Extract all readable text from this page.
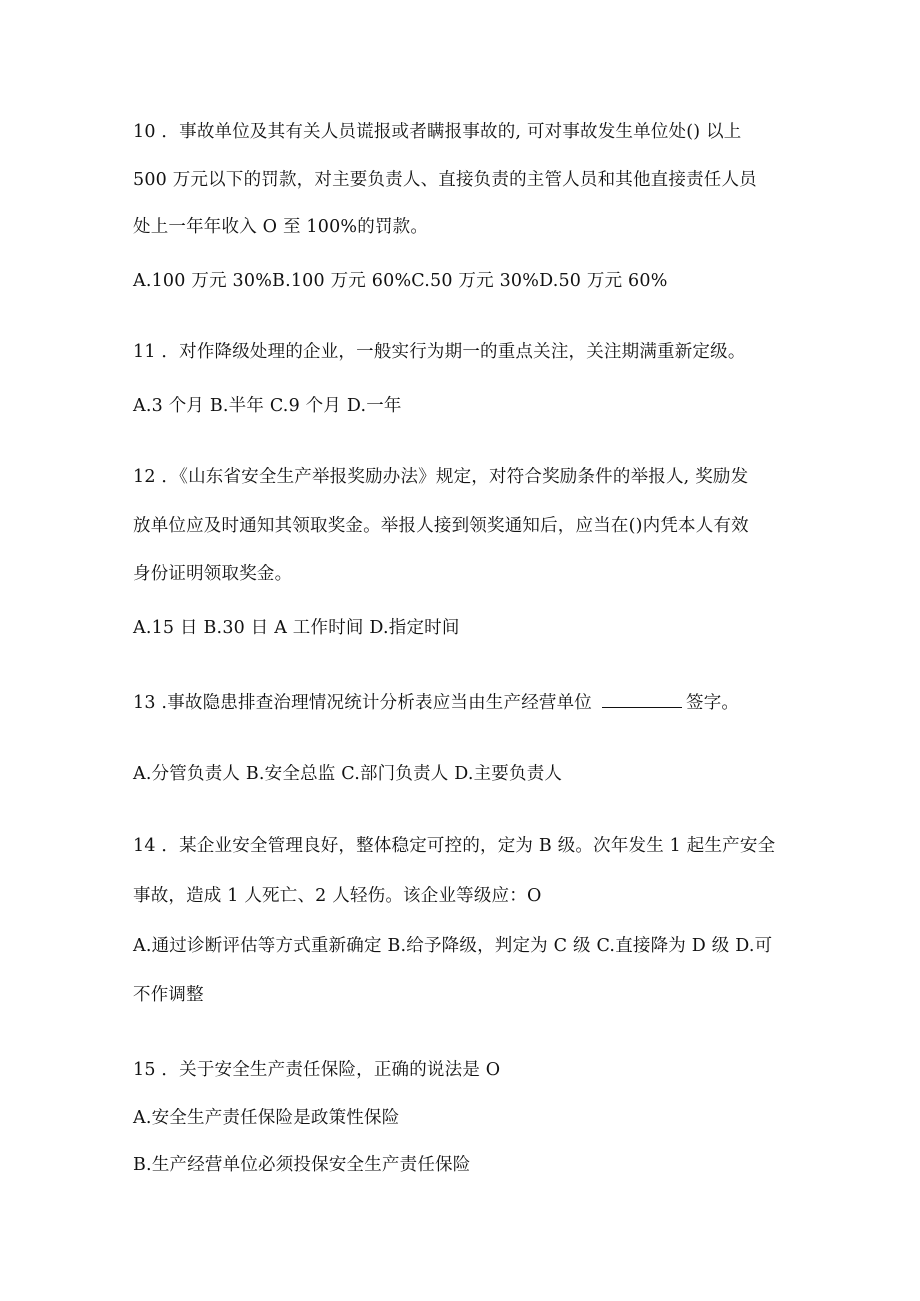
10 ．事故单位及其有关人员谎报或者瞒报事故的, 可对事故发生单位处() 以上
500 万元以下的罚款，对主要负责人、直接负责的主管人员和其他直接责任人员
处上一年年收入 O 至 100%的罚款。
A.100 万元 30%B.100 万元 60%C.50 万元 30%D.50 万元 60%
11 ．对作降级处理的企业，一般实行为期一的重点关注，关注期满重新定级。
A.3 个月 B.半年 C.9 个月 D.一年
12 ．《山东省安全生产举报奖励办法》规定，对符合奖励条件的举报人, 奖励发
放单位应及时通知其领取奖金。举报人接到领奖通知后，应当在()内凭本人有效
身份证明领取奖金。
A.15 日 B.30 日 A 工作时间 D.指定时间
13 .事故隐患排查治理情况统计分析表应当由生产经营单位	签字。
A.分管负责人 B.安全总监 C.部门负责人 D.主要负责人
14 ．某企业安全管理良好，整体稳定可控的，定为 B 级。次年发生 1 起生产安全
事故，造成 1 人死亡、2 人轻伤。该企业等级应：O
A.通过诊断评估等方式重新确定 B.给予降级，判定为 C 级 C.直接降为 D 级 D.可
不作调整
15 ．关于安全生产责任保险，正确的说法是 O
A.安全生产责任保险是政策性保险
B.生产经营单位必须投保安全生产责任保险
